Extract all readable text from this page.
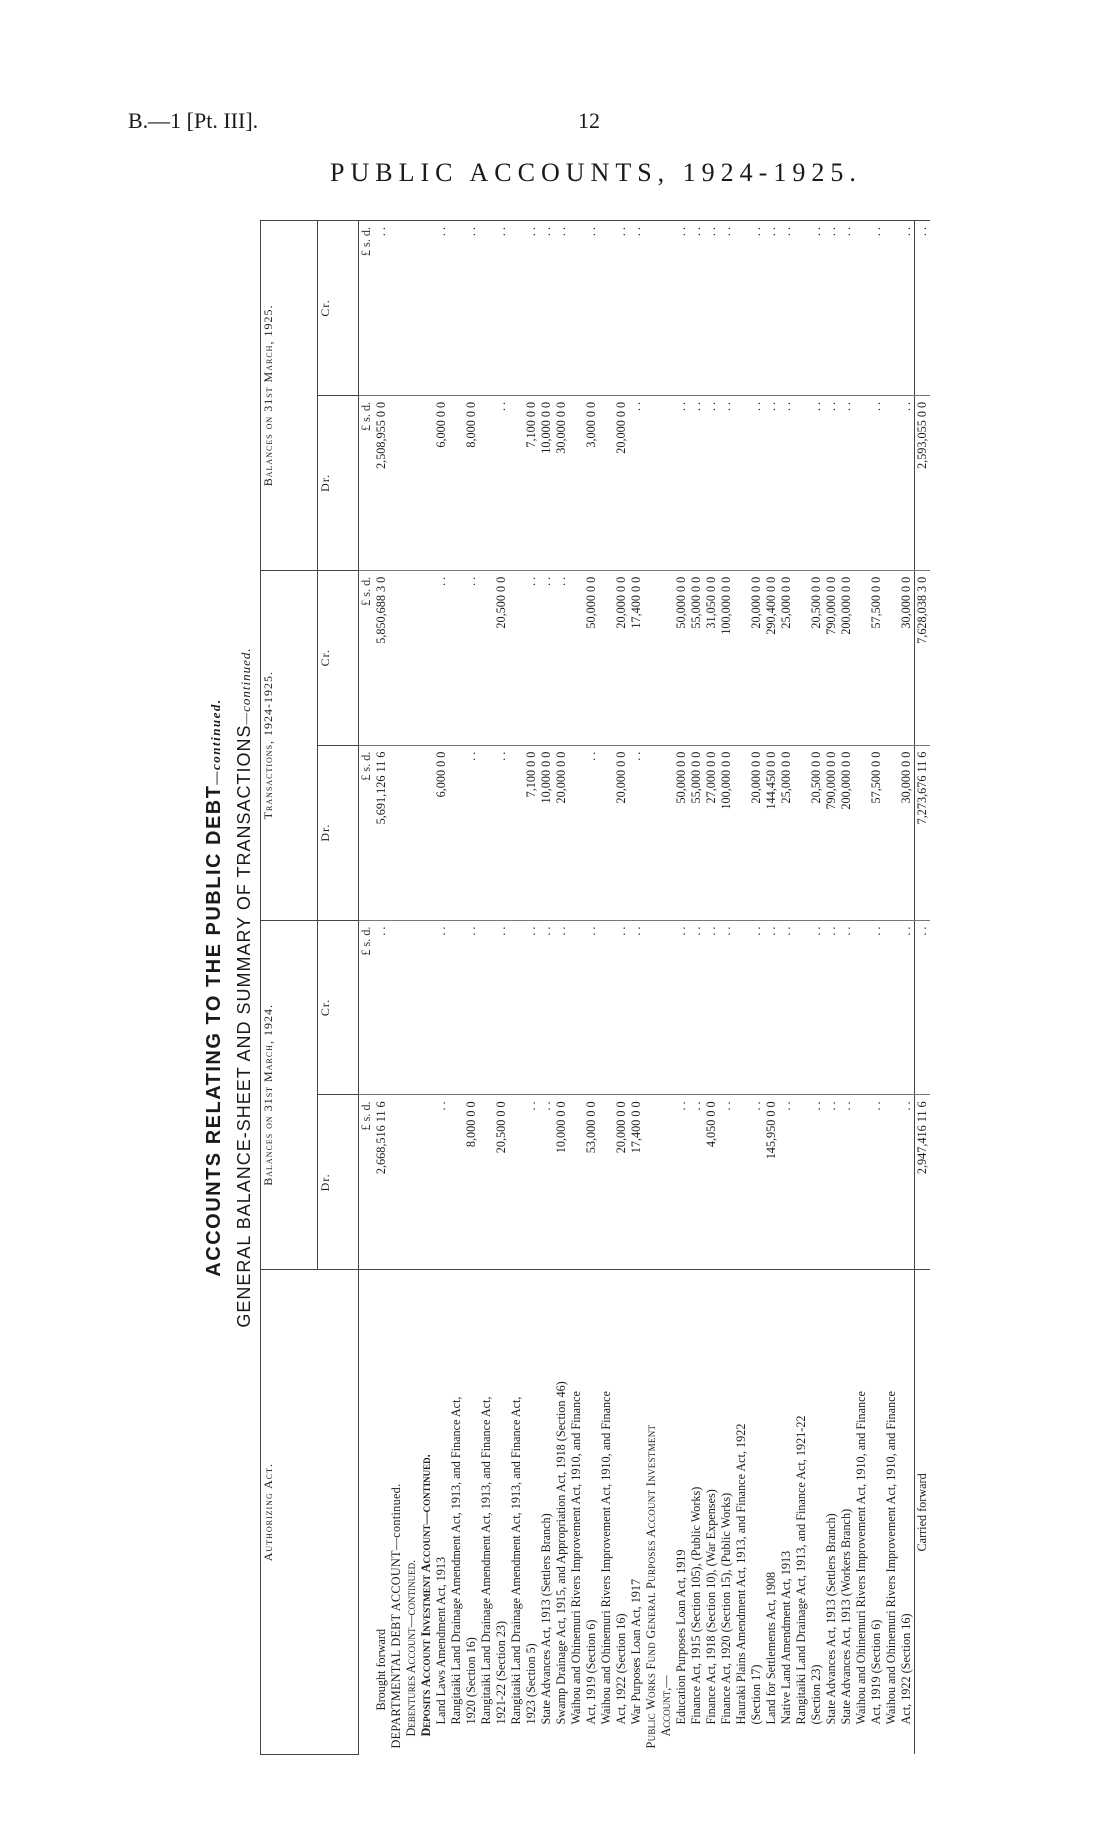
B.—1 [Pt. III].	12
PUBLIC ACCOUNTS, 1924-1925.
ACCOUNTS RELATING TO THE PUBLIC DEBT—continued. GENERAL BALANCE-SHEET AND SUMMARY OF TRANSACTIONS—continued.
Authorizing Act.	Balances on 31st March, 1924.		Transactions, 1924-1925.		Balances on 31st March, 1925.	
	Dr.	Cr.	Dr.	Cr.	Dr.	Cr.
	£ s. d.	£ s. d.	£ s. d.	£ s. d.	£ s. d.	£ s. d.
Brought forward	2,668,516 11 6	. .	5,691,126 11 6	5,850,688 3 0	2,508,955 0 0	. .
DEPARTMENTAL DEBT ACCOUNT—continued.						
Debentures Account—continued.						
Deposits Account Investment Account—continued.						
Land Laws Amendment Act, 1913	. .	. .	6,000 0 0	. .	6,000 0 0	. .
Rangitaiki Land Drainage Amendment Act, 1913, and Finance Act,						
1920 (Section 16)	8,000 0 0	. .	. .	. .	8,000 0 0	. .
Rangitaiki Land Drainage Amendment Act, 1913, and Finance Act,						
1921-22 (Section 23)	20,500 0 0	. .	. .	20,500 0 0	. .	. .
Rangitaiki Land Drainage Amendment Act, 1913, and Finance Act,						
1923 (Section 5)	. .	. .	7,100 0 0	. .	7,100 0 0	. .
State Advances Act, 1913 (Settlers Branch)	. .	. .	10,000 0 0	. .	10,000 0 0	. .
Swamp Drainage Act, 1915, and Appropriation Act, 1918 (Section 46)	10,000 0 0	. .	20,000 0 0	. .	30,000 0 0	. .
Waihou and Ohinemuri Rivers Improvement Act, 1910, and Finance						
Act, 1919 (Section 6)	53,000 0 0	. .	. .	50,000 0 0	3,000 0 0	. .
Waihou and Ohinemuri Rivers Improvement Act, 1910, and Finance						
Act, 1922 (Section 16)	20,000 0 0	. .	20,000 0 0	20,000 0 0	20,000 0 0	. .
War Purposes Loan Act, 1917	17,400 0 0	. .	. .	17,400 0 0	. .	. .
Public Works Fund General Purposes Account Investment						
Account,—						
Education Purposes Loan Act, 1919	. .	. .	50,000 0 0	50,000 0 0	. .	. .
Finance Act, 1915 (Section 105), (Public Works)	. .	. .	55,000 0 0	55,000 0 0	. .	. .
Finance Act, 1918 (Section 10), (War Expenses)	4,050 0 0	. .	27,000 0 0	31,050 0 0	. .	. .
Finance Act, 1920 (Section 15), (Public Works)	. .	. .	100,000 0 0	100,000 0 0	. .	. .
Hauraki Plains Amendment Act, 1913, and Finance Act, 1922						
(Section 17)	. .	. .	20,000 0 0	20,000 0 0	. .	. .
Land for Settlements Act, 1908	145,950 0 0	. .	144,450 0 0	290,400 0 0	. .	. .
Native Land Amendment Act, 1913	. .	. .	25,000 0 0	25,000 0 0	. .	. .
Rangitaiki Land Drainage Act, 1913, and Finance Act, 1921-22						
(Section 23)	. .	. .	20,500 0 0	20,500 0 0	. .	. .
State Advances Act, 1913 (Settlers Branch)	. .	. .	790,000 0 0	790,000 0 0	. .	. .
State Advances Act, 1913 (Workers Branch)	. .	. .	200,000 0 0	200,000 0 0	. .	. .
Waihou and Ohinemuri Rivers Improvement Act, 1910, and Finance						
Act, 1919 (Section 6)	. .	. .	57,500 0 0	57,500 0 0	. .	. .
Waihou and Ohinemuri Rivers Improvement Act, 1910, and Finance						
Act, 1922 (Section 16)	. .	. .	30,000 0 0	30,000 0 0	. .	. .
Carried forward	2,947,416 11 6	. .	7,273,676 11 6	7,628,038 3 0	2,593,055 0 0	. .
